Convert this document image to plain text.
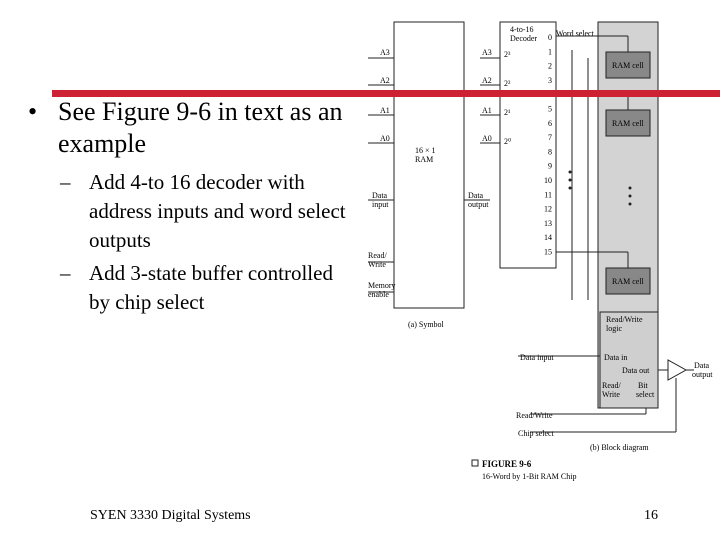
A3
A2
A1
A0
16 × 1
RAM
Data
input
Read/
Write
Memory
enable
Data
output
(a) Symbol
4-to-16
Decoder
Word select
A3
A2
A1
A0
2³
2²
2¹
2⁰
0
1
2
3
5
6
7
8
9
10
11
12
13
14
15
RAM cell
RAM cell
RAM cell
Read/Write
logic
Data input	Data in
Data out
Read/
Write
Bit
select
Read/Write
Chip select
Data
output
(b) Block diagram
FIGURE 9-6
16-Word by 1-Bit RAM Chip
• See Figure 9-6 in text as an example
– Add 4-to 16 decoder with address inputs and word select outputs
– Add 3-state buffer controlled by chip select
SYEN 3330 Digital Systems	16
